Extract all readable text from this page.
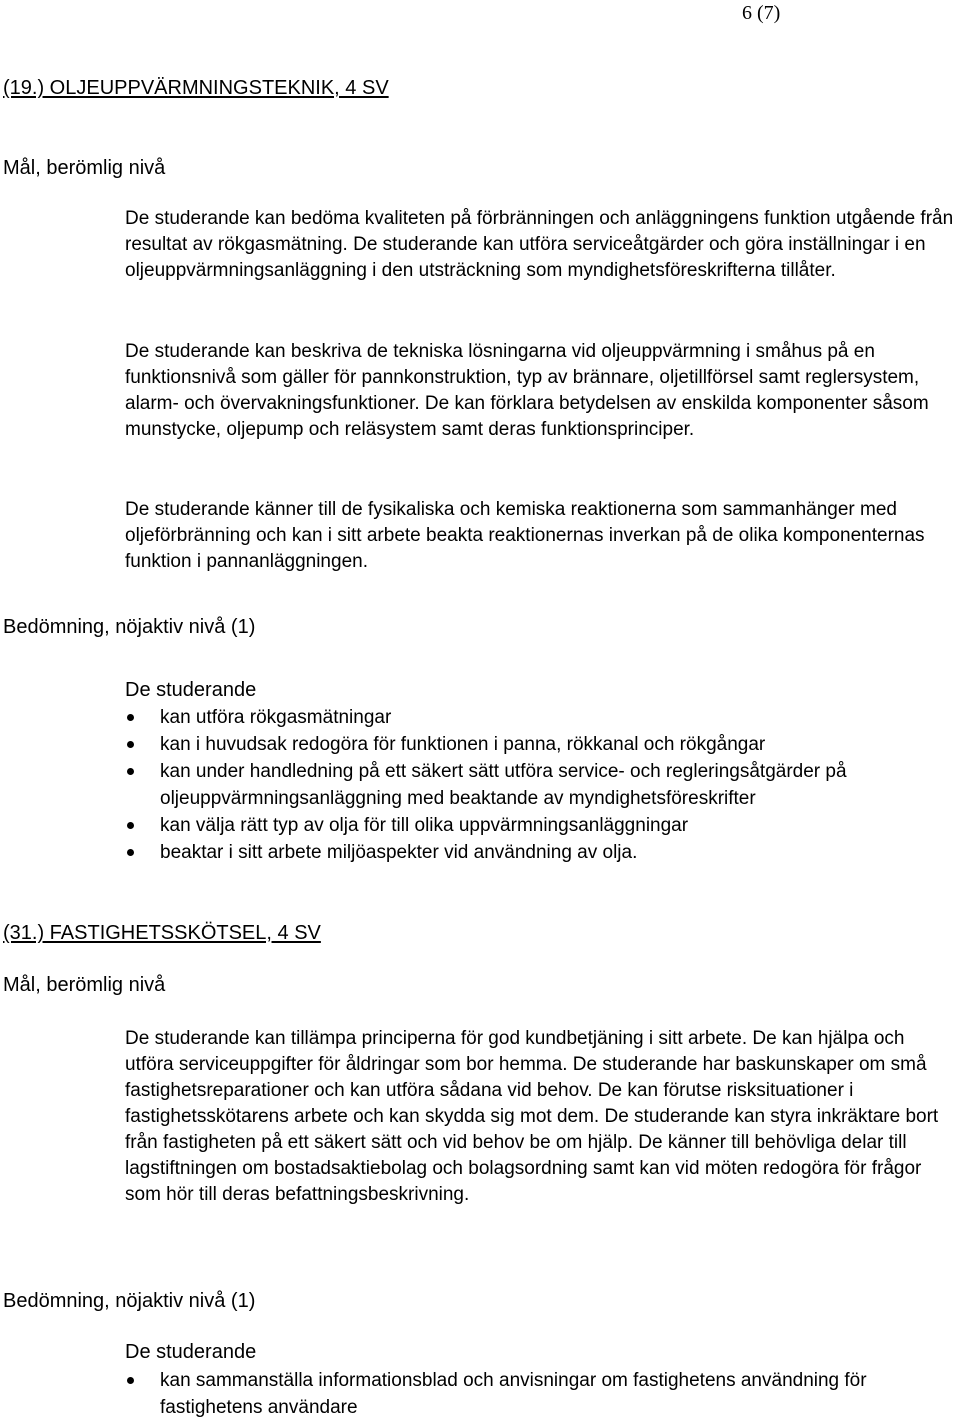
6 (7)
(19.) OLJEUPPVÄRMNINGSTEKNIK, 4 SV
Mål, berömlig nivå

De studerande kan bedöma kvaliteten på förbränningen och anläggningens funktion utgående från resultat av rökgasmätning. De studerande kan utföra serviceåtgärder och göra inställningar i en oljeuppvärmningsanläggning i den utsträckning som myndighetsföreskrifterna tillåter.

De studerande kan beskriva de tekniska lösningarna vid oljeuppvärmning i småhus på en funktionsnivå som gäller för pannkonstruktion, typ av brännare, oljetillförsel samt reglersystem, alarm- och övervakningsfunktioner. De kan förklara betydelsen av enskilda komponenter såsom munstycke, oljepump och reläsystem samt deras funktionsprinciper.

De studerande känner till de fysikaliska och kemiska reaktionerna som sammanhänger med oljeförbränning och kan i sitt arbete beakta reaktionernas inverkan på de olika komponenternas funktion i pannanläggningen.

Bedömning, nöjaktiv nivå (1)
De studerande
kan utföra rökgasmätningar
kan i huvudsak redogöra för funktionen i panna, rökkanal och rökgångar
kan under handledning på ett säkert sätt utföra service- och regleringsåtgärder på oljeuppvärmningsanläggning med beaktande av myndighetsföreskrifter
kan välja rätt typ av olja för till olika uppvärmningsanläggningar
beaktar i sitt arbete miljöaspekter vid användning av olja.
(31.) FASTIGHETSSKÖTSEL, 4 SV
Mål, berömlig nivå

De studerande kan tillämpa principerna för god kundbetjäning i sitt arbete. De kan hjälpa och utföra serviceuppgifter för åldringar som bor hemma. De studerande har baskunskaper om små fastighetsreparationer och kan utföra sådana vid behov. De kan förutse risksituationer i fastighetsskötarens arbete och kan skydda sig mot dem. De studerande kan styra inkräktare bort från fastigheten på ett säkert sätt och vid behov be om hjälp. De känner till behövliga delar till lagstiftningen om bostadsaktiebolag och bolagsordning samt kan vid möten redogöra för frågor som hör till deras befattningsbeskrivning.

Bedömning, nöjaktiv nivå (1)
De studerande
kan sammanställa informationsblad och anvisningar om fastighetens användning för fastighetens användare
